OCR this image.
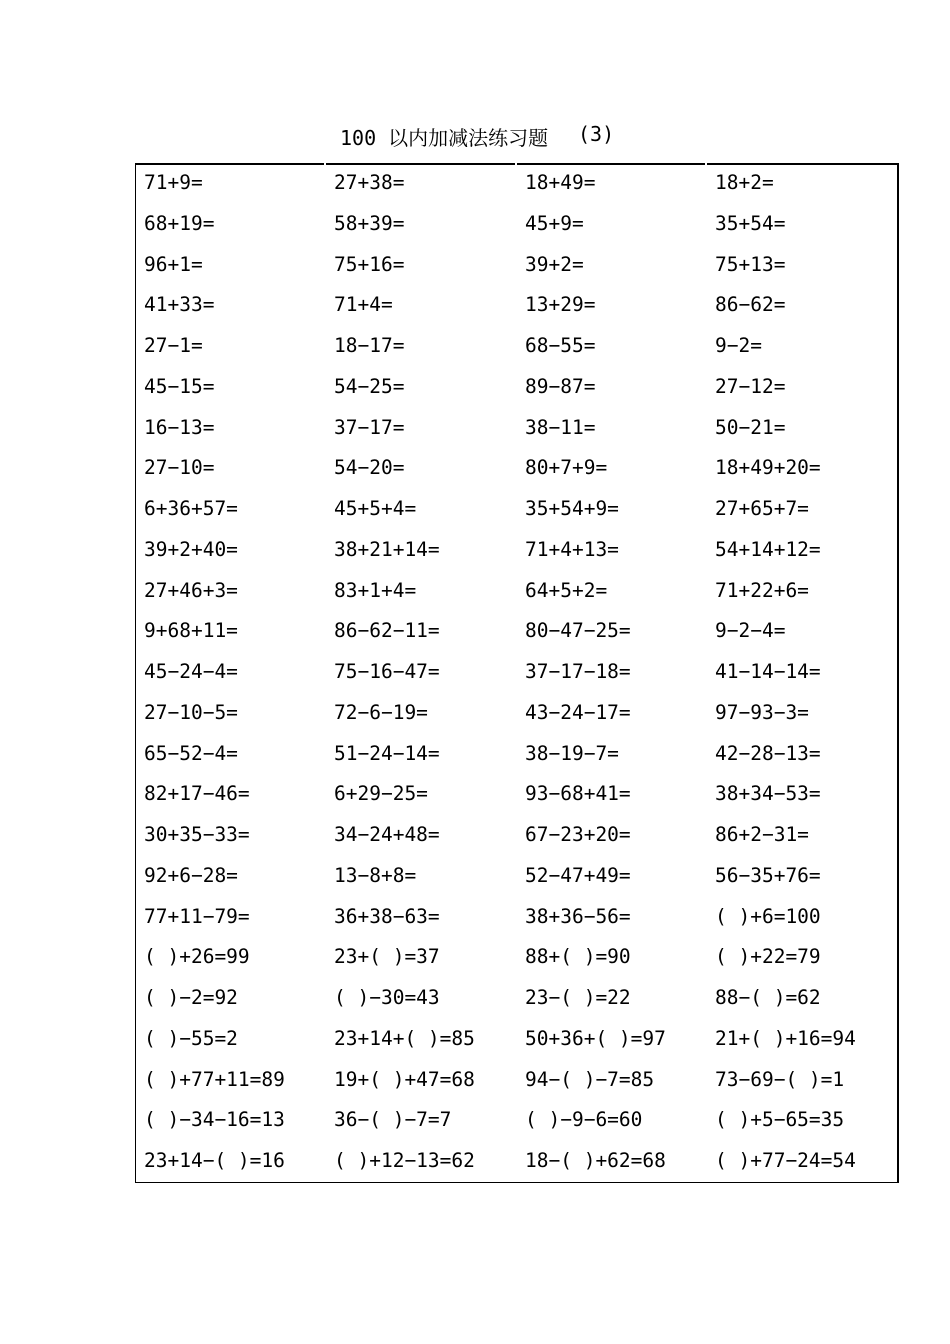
100 以内加减法练习题 (3)
71+9=	27+38=	18+49=	18+2=
68+19=	58+39=	45+9=	35+54=
96+1=	75+16=	39+2=	75+13=
41+33=	71+4=	13+29=	86−62=
27−1=	18−17=	68−55=	9−2=
45−15=	54−25=	89−87=	27−12=
16−13=	37−17=	38−11=	50−21=
27−10=	54−20=	80+7+9=	18+49+20=
6+36+57=	45+5+4=	35+54+9=	27+65+7=
39+2+40=	38+21+14=	71+4+13=	54+14+12=
27+46+3=	83+1+4=	64+5+2=	71+22+6=
9+68+11=	86−62−11=	80−47−25=	9−2−4=
45−24−4=	75−16−47=	37−17−18=	41−14−14=
27−10−5=	72−6−19=	43−24−17=	97−93−3=
65−52−4=	51−24−14=	38−19−7=	42−28−13=
82+17−46=	6+29−25=	93−68+41=	38+34−53=
30+35−33=	34−24+48=	67−23+20=	86+2−31=
92+6−28=	13−8+8=	52−47+49=	56−35+76=
77+11−79=	36+38−63=	38+36−56=	( )+6=100
( )+26=99	23+( )=37	88+( )=90	( )+22=79
( )−2=92	( )−30=43	23−( )=22	88−( )=62
( )−55=2	23+14+( )=85	50+36+( )=97	21+( )+16=94
( )+77+11=89	19+( )+47=68	94−( )−7=85	73−69−( )=1
( )−34−16=13	36−( )−7=7	( )−9−6=60	( )+5−65=35
23+14−( )=16	( )+12−13=62	18−( )+62=68	( )+77−24=54
